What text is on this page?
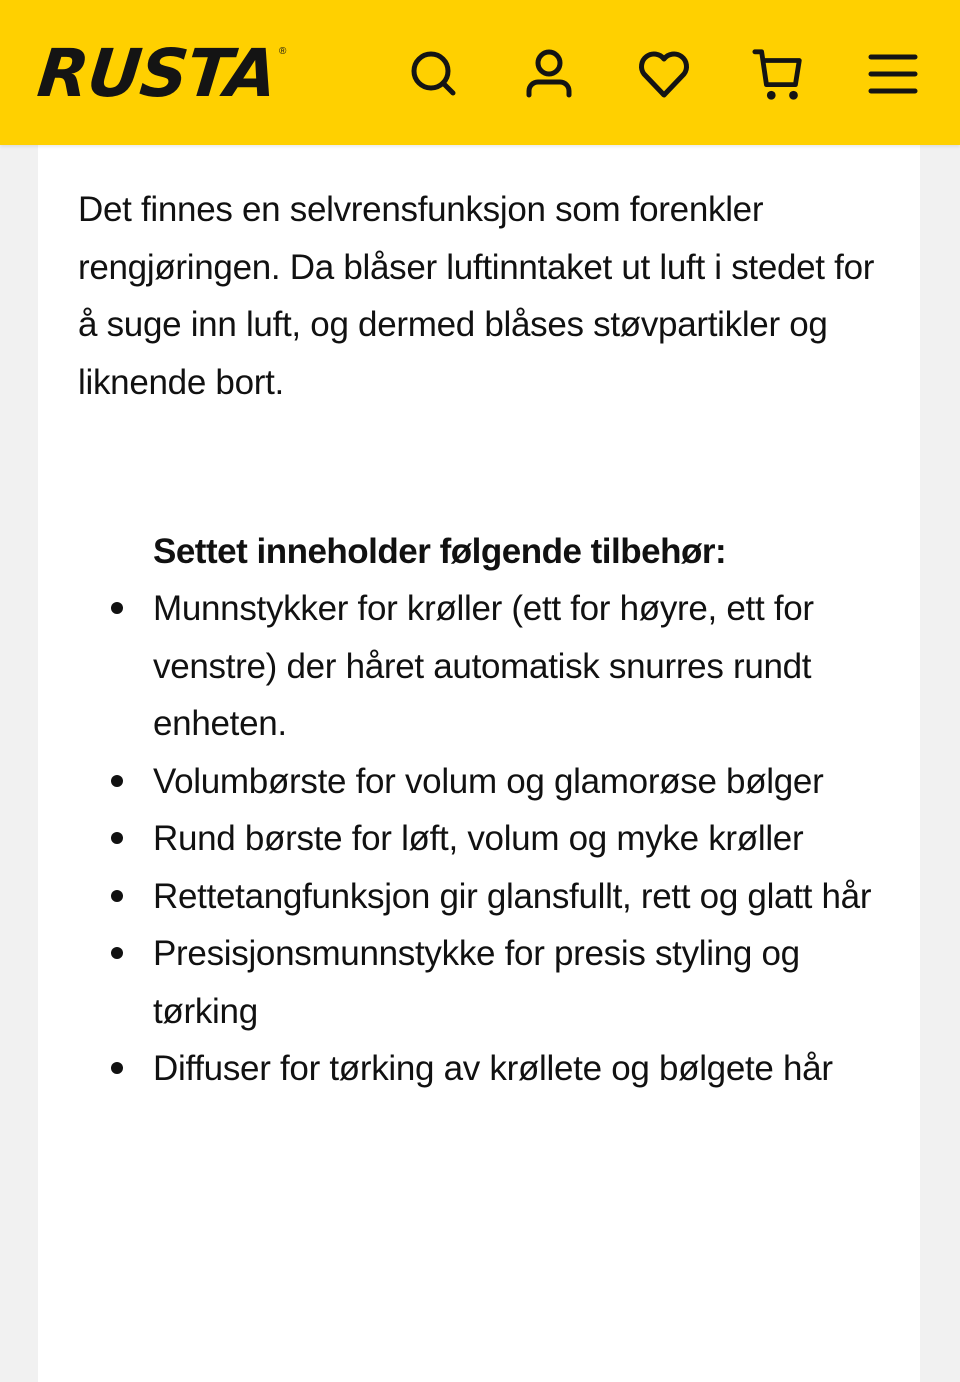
RUSTA
®

Det finnes en selvrensfunksjon som forenkler rengjøringen. Da blåser luftinntaket ut luft i stedet for å suge inn luft, og dermed blåses støvpartikler og liknende bort.

Settet inneholder følgende tilbehør:

Munnstykker for krøller (ett for høyre, ett for venstre) der håret automatisk snurres rundt enheten.
Volumbørste for volum og glamorøse bølger
Rund børste for løft, volum og myke krøller
Rettetangfunksjon gir glansfullt, rett og glatt hår
Presisjonsmunnstykke for presis styling og tørking
Diffuser for tørking av krøllete og bølgete hår
